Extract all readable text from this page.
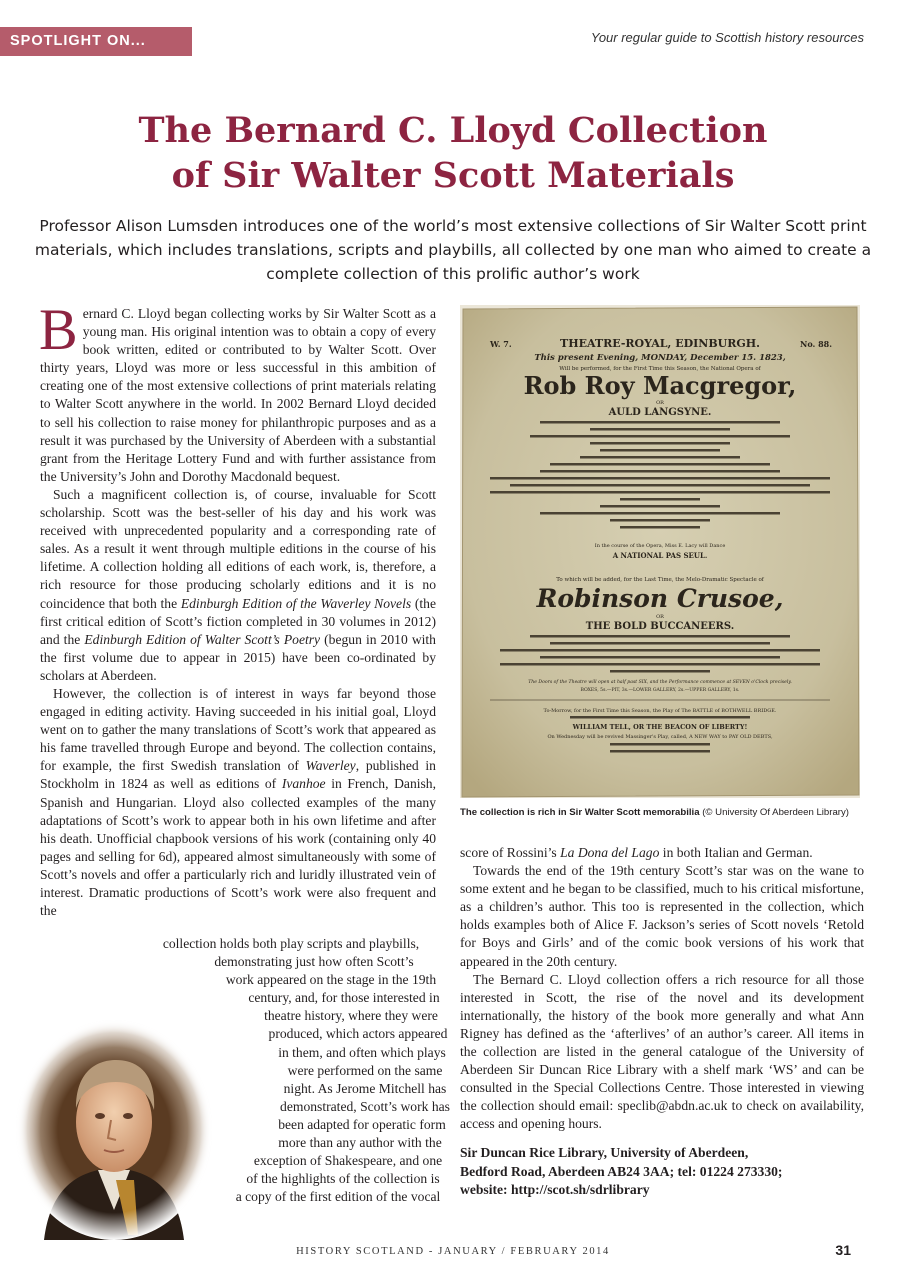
SPOTLIGHT ON...	Your regular guide to Scottish history resources
The Bernard C. Lloyd Collection
of Sir Walter Scott Materials

Professor Alison Lumsden introduces one of the world’s most extensive collections of Sir Walter Scott print materials, which includes translations, scripts and playbills, all collected by one man who aimed to create a complete collection of this prolific author’s work

Bernard C. Lloyd began collecting works by Sir Walter Scott as a young man. His original intention was to obtain a copy of every book written, edited or contributed to by Walter Scott. Over thirty years, Lloyd was more or less successful in this ambition of creating one of the most extensive collections of print materials relating to Walter Scott anywhere in the world. In 2002 Bernard Lloyd decided to sell his collection to raise money for philanthropic purposes and as a result it was purchased by the University of Aberdeen with a substantial grant from the Heritage Lottery Fund and with further assistance from the University’s John and Dorothy Macdonald bequest.

Such a magnificent collection is, of course, invaluable for Scott scholarship. Scott was the best-seller of his day and his work was received with unprecedented popularity and a corresponding rate of sales. As a result it went through multiple editions in the course of his lifetime. A collection holding all editions of each work, is, therefore, a rich resource for those producing scholarly editions and it is no coincidence that both the Edinburgh Edition of the Waverley Novels (the first critical edition of Scott’s fiction completed in 30 volumes in 2012) and the Edinburgh Edition of Walter Scott’s Poetry (begun in 2010 with the first volume due to appear in 2015) have been co-ordinated by scholars at Aberdeen.

However, the collection is of interest in ways far beyond those engaged in editing activity. Having succeeded in his initial goal, Lloyd went on to gather the many translations of Scott’s work that appeared as his fame travelled through Europe and beyond. The collection contains, for example, the first Swedish translation of Waverley, published in Stockholm in 1824 as well as editions of Ivanhoe in French, Danish, Spanish and Hungarian. Lloyd also collected examples of the many adaptations of Scott’s work to appear both in his own lifetime and after his death. Unofficial chapbook versions of his work (containing only 40 pages and selling for 6d), appeared almost simultaneously with some of Scott’s novels and offer a particularly rich and luridly illustrated vein of interest. Dramatic productions of Scott’s work were also frequent and the

collection holds both play scripts and playbills,
demonstrating just how often Scott’s
work appeared on the stage in the 19th
century, and, for those interested in
theatre history, where they were
produced, which actors appeared
in them, and often which plays
were performed on the same
night. As Jerome Mitchell has
demonstrated, Scott’s work has
been adapted for operatic form
more than any author with the
exception of Shakespeare, and one
of the highlights of the collection is
a copy of the first edition of the vocal

score of Rossini’s La Dona del Lago in both Italian and German.

Towards the end of the 19th century Scott’s star was on the wane to some extent and he began to be classified, much to his critical misfortune, as a children’s author. This too is represented in the collection, which holds examples both of Alice F. Jackson’s series of Scott novels ‘Retold for Boys and Girls’ and of the comic book versions of his work that appeared in the 20th century.

The Bernard C. Lloyd collection offers a rich resource for all those interested in Scott, the rise of the novel and its development internationally, the history of the book more generally and what Ann Rigney has defined as the ‘afterlives’ of an author’s career. All items in the collection are listed in the general catalogue of the University of Aberdeen Sir Duncan Rice Library with a shelf mark ‘WS’ and can be consulted in the Special Collections Centre. Those interested in viewing the collection should email: speclib@abdn.ac.uk to check on availability, access and opening hours.

Sir Duncan Rice Library, University of Aberdeen,
Bedford Road, Aberdeen AB24 3AA; tel: 01224 273330;
website: http://scot.sh/sdrlibrary
W. 7.	THEATRE-ROYAL, EDINBURGH.	No. 88.
This present Evening, MONDAY, December 15. 1823,
Will be performed, for the First Time this Season, the National Opera of
Rob Roy Macgregor,
OR
AULD LANGSYNE.
In the course of the Opera, Miss E. Lacy will Dance
A NATIONAL PAS SEUL.
To which will be added, for the Last Time, the Melo-Dramatic Spectacle of
Robinson Crusoe,
OR
THE BOLD BUCCANEERS.
The Doors of the Theatre will open at half past SIX, and the Performance commence at SEVEN o'Clock precisely.
BOXES, 5s.—PIT, 3s.—LOWER GALLERY, 2s.—UPPER GALLERY, 1s.
To-Morrow, for the First Time this Season, the Play of The BATTLE of BOTHWELL BRIDGE.
WILLIAM TELL, OR THE BEACON OF LIBERTY!
On Wednesday will be revived Massinger's Play, called, A NEW WAY to PAY OLD DEBTS,
The collection is rich in Sir Walter Scott memorabilia (© University Of Aberdeen Library)
HISTORY SCOTLAND - JANUARY / FEBRUARY 2014	31
